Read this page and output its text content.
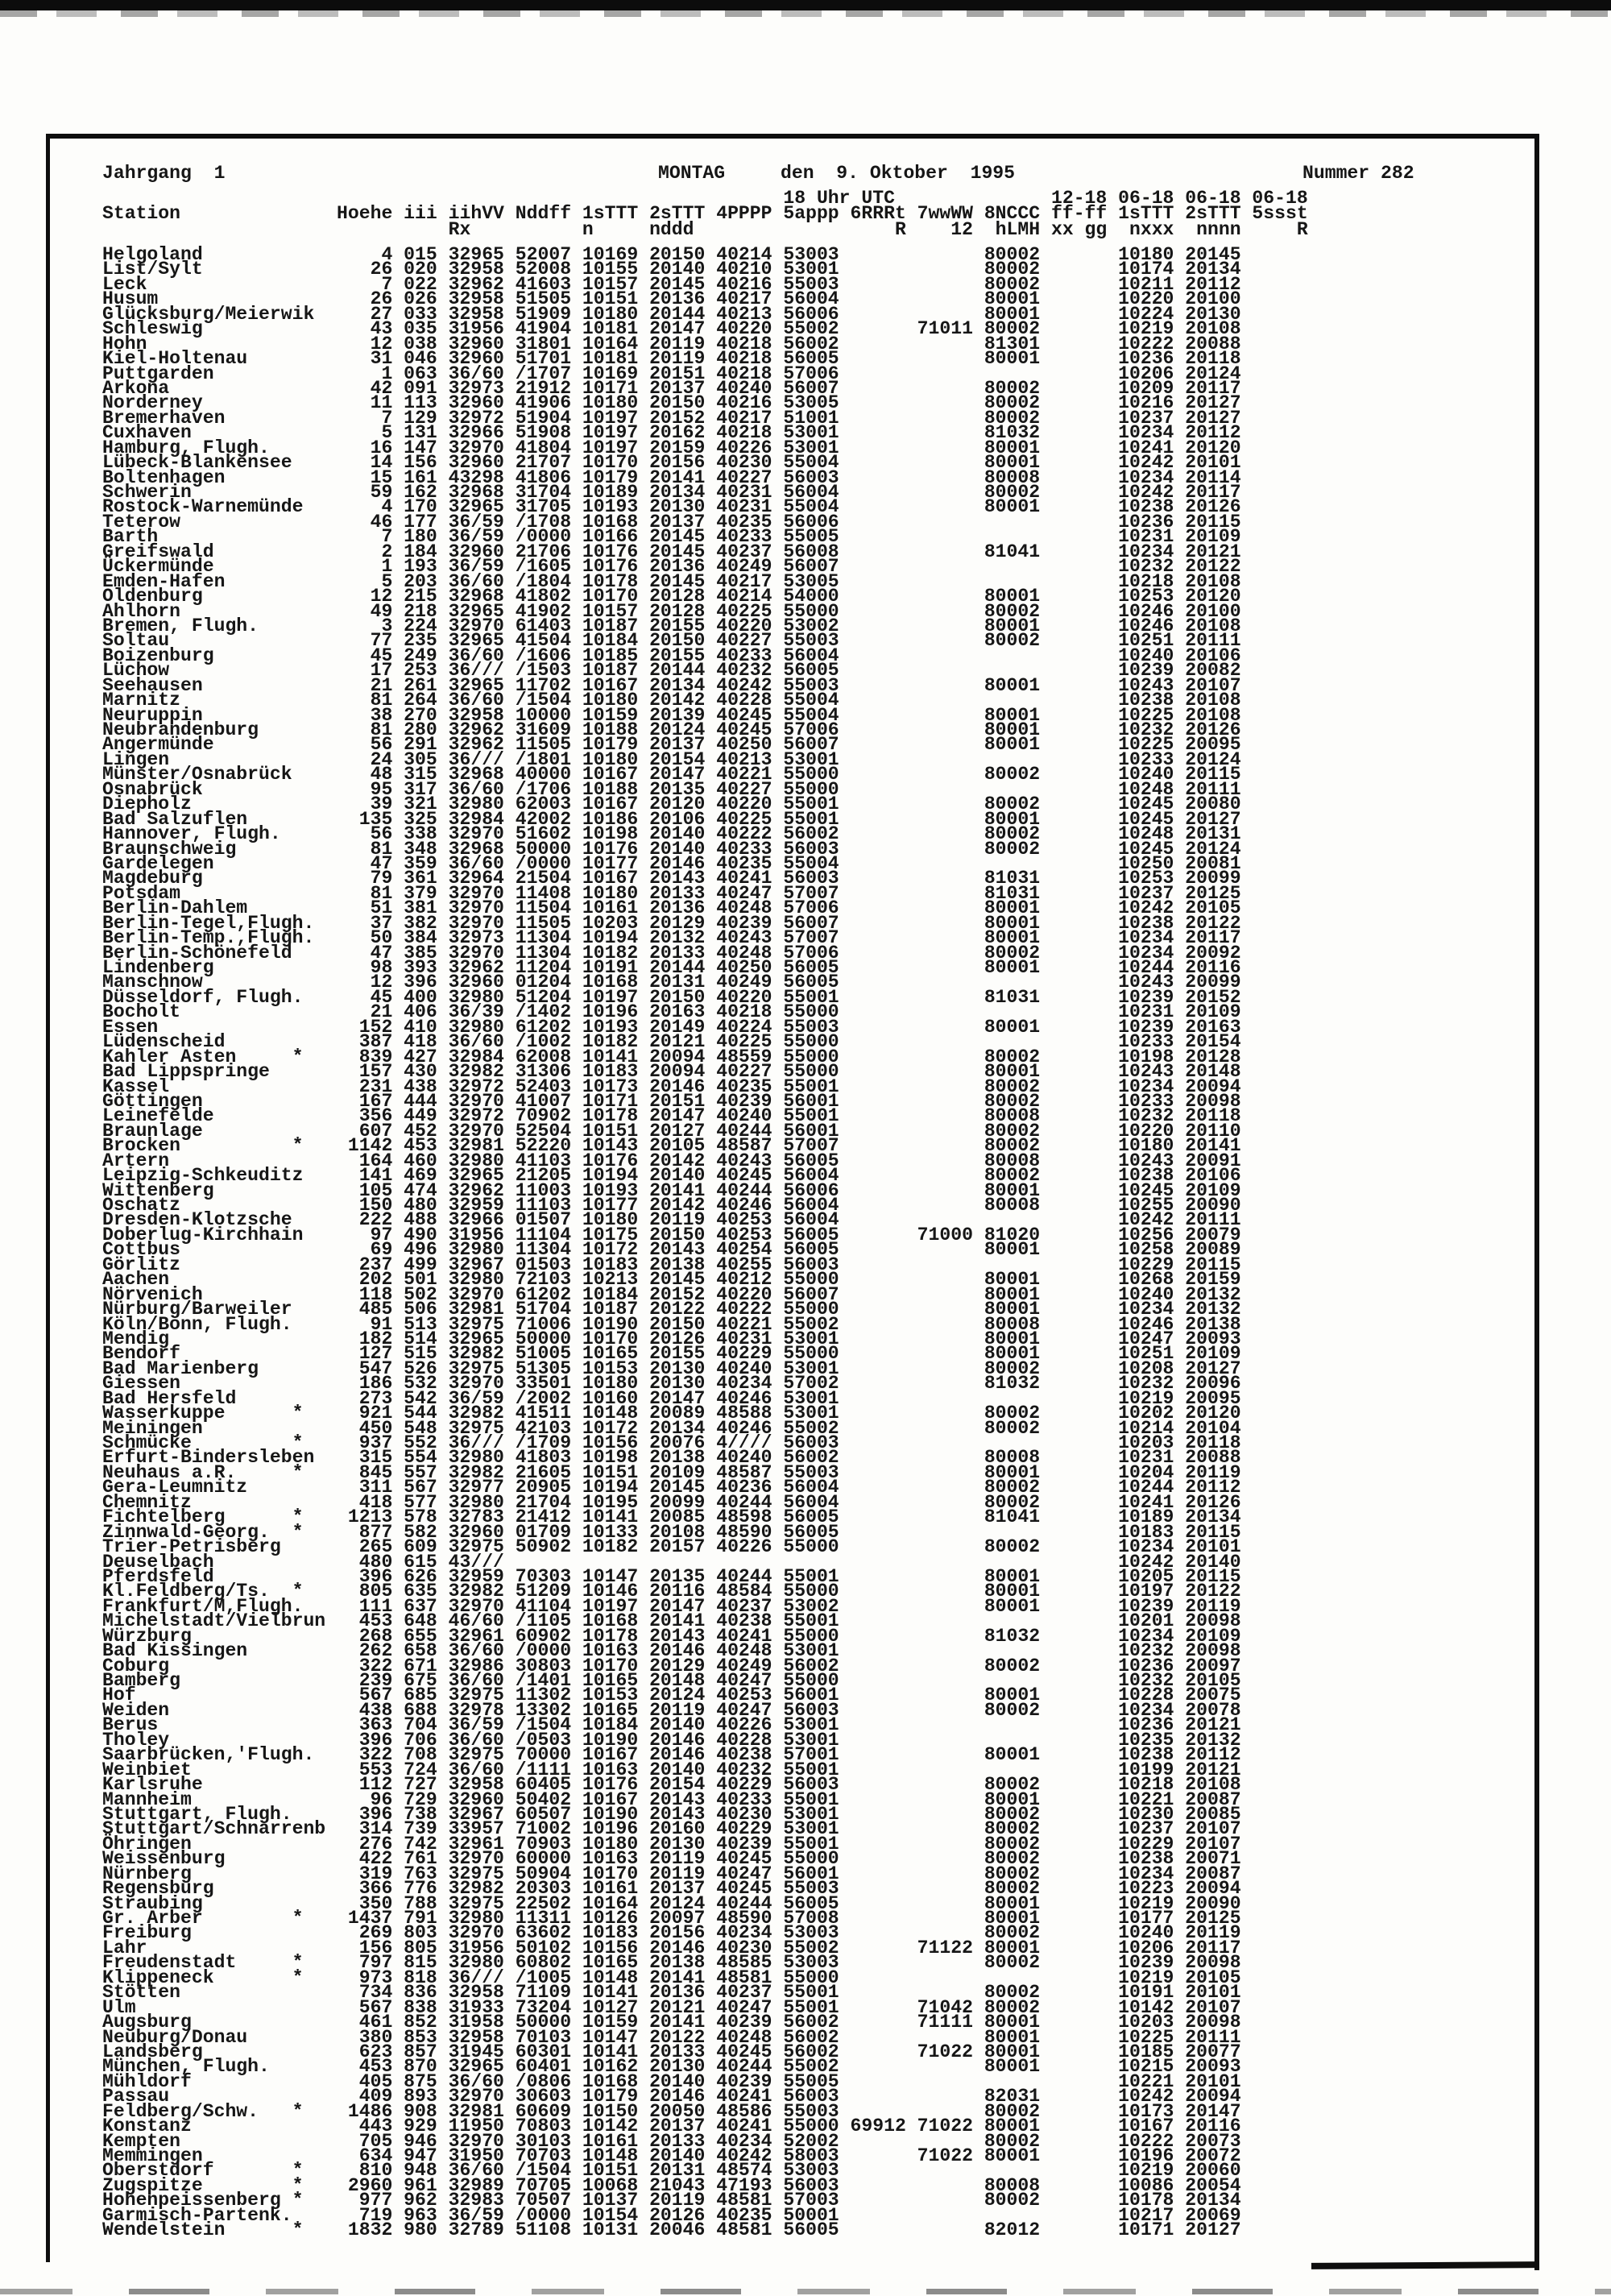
Jahrgang  1	MONTAG	den  9. Oktober  1995	Nummer 282
18 Uhr UTC              12-18 06-18 06-18 06-18
Station              Hoehe iii iihVV Nddff 1sTTT 2sTTT 4PPPP 5appp 6RRRt 7wwWW 8NCCC ff-ff 1sTTT 2sTTT 5ssst
Rx          n     nddd                  R    12  hLMH xx gg  nxxx  nnnn     R
Helgoland                4 015 32965 52007 10169 20150 40214 53003             80002       10180 20145
List/Sylt               26 020 32958 52008 10155 20140 40210 53001             80002       10174 20134
Leck                     7 022 32962 41603 10157 20145 40216 55003             80002       10211 20112
Husum                   26 026 32958 51505 10151 20136 40217 56004             80001       10220 20100
Glücksburg/Meierwik     27 033 32958 51909 10180 20144 40213 56006             80001       10224 20130
Schleswig               43 035 31956 41904 10181 20147 40220 55002       71011 80002       10219 20108
Hohn                    12 038 32960 31801 10164 20119 40218 56002             81301       10222 20088
Kiel-Holtenau           31 046 32960 51701 10181 20119 40218 56005             80001       10236 20118
Puttgarden               1 063 36/60 /1707 10169 20151 40218 57006                         10206 20124
Arkona                  42 091 32973 21912 10171 20137 40240 56007             80002       10209 20117
Norderney               11 113 32960 41906 10180 20150 40216 53005             80002       10216 20127
Bremerhaven              7 129 32972 51904 10197 20152 40217 51001             80002       10237 20127
Cuxhaven                 5 131 32966 51908 10197 20162 40218 53001             81032       10234 20112
Hamburg, Flugh.         16 147 32970 41804 10197 20159 40226 53001             80001       10241 20120
Lübeck-Blankensee       14 156 32960 21707 10170 20156 40230 55004             80001       10242 20101
Boltenhagen             15 161 43298 41806 10179 20141 40227 56003             80008       10234 20114
Schwerin                59 162 32968 31704 10189 20134 40231 56004             80002       10242 20117
Rostock-Warnemünde       4 170 32965 31705 10193 20130 40231 55004             80001       10238 20126
Teterow                 46 177 36/59 /1708 10168 20137 40235 56006                         10236 20115
Barth                    7 180 36/59 /0000 10166 20145 40233 55005                         10231 20109
Greifswald               2 184 32960 21706 10176 20145 40237 56008             81041       10234 20121
Ückermünde               1 193 36/59 /1605 10176 20136 40249 56007                         10232 20122
Emden-Hafen              5 203 36/60 /1804 10178 20145 40217 53005                         10218 20108
Oldenburg               12 215 32968 41802 10170 20128 40214 54000             80001       10253 20120
Ahlhorn                 49 218 32965 41902 10157 20128 40225 55000             80002       10246 20100
Bremen, Flugh.           3 224 32970 61403 10187 20155 40220 53002             80001       10246 20108
Soltau                  77 235 32965 41504 10184 20150 40227 55003             80002       10251 20111
Boizenburg              45 249 36/60 /1606 10185 20155 40233 56004                         10240 20106
Lüchow                  17 253 36/// /1503 10187 20144 40232 56005                         10239 20082
Seehausen               21 261 32965 11702 10167 20134 40242 55003             80001       10243 20107
Marnitz                 81 264 36/60 /1504 10180 20142 40228 55004                         10238 20108
Neuruppin               38 270 32958 10000 10159 20139 40245 55004             80001       10225 20108
Neubrandenburg          81 280 32962 31609 10188 20124 40245 57006             80001       10232 20126
Angermünde              56 291 32962 11505 10179 20137 40250 56007             80001       10225 20095
Lingen                  24 305 36/// /1801 10180 20154 40213 53001                         10233 20124
Münster/Osnabrück       48 315 32968 40000 10167 20147 40221 55000             80002       10240 20115
Osnabrück               95 317 36/60 /1706 10188 20135 40227 55000                         10248 20111
Diepholz                39 321 32980 62003 10167 20120 40220 55001             80002       10245 20080
Bad Salzuflen          135 325 32984 42002 10186 20106 40225 55001             80001       10245 20127
Hannover, Flugh.        56 338 32970 51602 10198 20140 40222 56002             80002       10248 20131
Braunschweig            81 348 32968 50000 10176 20140 40233 56003             80002       10245 20124
Gardelegen              47 359 36/60 /0000 10177 20146 40235 55004                         10250 20081
Magdeburg               79 361 32964 21504 10167 20143 40241 56003             81031       10253 20099
Potsdam                 81 379 32970 11408 10180 20133 40247 57007             81031       10237 20125
Berlin-Dahlem           51 381 32970 11504 10161 20136 40248 57006             80001       10242 20105
Berlin-Tegel,Flugh.     37 382 32970 11505 10203 20129 40239 56007             80001       10238 20122
Berlin-Temp.,Flugh.     50 384 32973 11304 10194 20132 40243 57007             80001       10234 20117
Berlin-Schönefeld       47 385 32970 11304 10182 20133 40248 57006             80002       10234 20092
Lindenberg              98 393 32962 11204 10191 20144 40250 56005             80001       10244 20116
Manschnow               12 396 32960 01204 10168 20131 40249 56005                         10243 20099
Düsseldorf, Flugh.      45 400 32980 51204 10197 20150 40220 55001             81031       10239 20152
Bocholt                 21 406 36/39 /1402 10196 20163 40218 55000                         10231 20109
Essen                  152 410 32980 61202 10193 20149 40224 55003             80001       10239 20163
Lüdenscheid            387 418 36/60 /1002 10182 20121 40225 55000                         10233 20154
Kahler Asten     *     839 427 32984 62008 10141 20094 48559 55000             80002       10198 20128
Bad Lippspringe        157 430 32982 31306 10183 20094 40227 55000             80001       10243 20148
Kassel                 231 438 32972 52403 10173 20146 40235 55001             80002       10234 20094
Göttingen              167 444 32970 41007 10171 20151 40239 56001             80002       10233 20098
Leinefelde             356 449 32972 70902 10178 20147 40240 55001             80008       10232 20118
Braunlage              607 452 32970 52504 10151 20127 40244 56001             80002       10220 20110
Brocken          *    1142 453 32981 52220 10143 20105 48587 57007             80002       10180 20141
Artern                 164 460 32980 41103 10176 20142 40243 56005             80008       10243 20091
Leipzig-Schkeuditz     141 469 32965 21205 10194 20140 40245 56004             80002       10238 20106
Wittenberg             105 474 32962 11003 10193 20141 40244 56006             80001       10245 20109
Oschatz                150 480 32959 11103 10177 20142 40246 56004             80008       10255 20090
Dresden-Klotzsche      222 488 32966 01507 10180 20119 40253 56004                         10242 20111
Doberlug-Kirchhain      97 490 31956 11104 10175 20150 40253 56005       71000 81020       10256 20079
Cottbus                 69 496 32980 11304 10172 20143 40254 56005             80001       10258 20089
Görlitz                237 499 32967 01503 10183 20138 40255 56003                         10229 20115
Aachen                 202 501 32980 72103 10213 20145 40212 55000             80001       10268 20159
Nörvenich              118 502 32970 61202 10184 20152 40220 56007             80001       10240 20132
Nürburg/Barweiler      485 506 32981 51704 10187 20122 40222 55000             80001       10234 20132
Köln/Bonn, Flugh.       91 513 32975 71006 10190 20150 40221 55002             80008       10246 20138
Mendig                 182 514 32965 50000 10170 20126 40231 53001             80001       10247 20093
Bendorf                127 515 32982 51005 10165 20155 40229 55000             80001       10251 20109
Bad Marienberg         547 526 32975 51305 10153 20130 40240 53001             80002       10208 20127
Giessen                186 532 32970 33501 10180 20130 40234 57002             81032       10232 20096
Bad Hersfeld           273 542 36/59 /2002 10160 20147 40246 53001                         10219 20095
Wasserkuppe      *     921 544 32982 41511 10148 20089 48588 53001             80002       10202 20120
Meiningen              450 548 32975 42103 10172 20134 40246 55002             80002       10214 20104
Schmücke         *     937 552 36/// /1709 10156 20076 4//// 56003                         10203 20118
Erfurt-Bindersleben    315 554 32980 41803 10198 20138 40240 56002             80008       10231 20088
Neuhaus a.R.     *     845 557 32982 21605 10151 20109 48587 55003             80001       10204 20119
Gera-Leumnitz          311 567 32977 20905 10194 20145 40236 56004             80002       10244 20112
Chemnitz               418 577 32980 21704 10195 20099 40244 56004             80002       10241 20126
Fichtelberg      *    1213 578 32783 21412 10141 20085 48598 56005             81041       10189 20134
Zinnwald-Georg.  *     877 582 32960 01709 10133 20108 48590 56005                         10183 20115
Trier-Petrisberg       265 609 32975 50902 10182 20157 40226 55000             80002       10234 20101
Deuselbach             480 615 43///                                                       10242 20140
Pferdsfeld             396 626 32959 70303 10147 20135 40244 55001             80001       10205 20115
Kl.Feldberg/Ts.  *     805 635 32982 51209 10146 20116 48584 55000             80001       10197 20122
Frankfurt/M,Flugh.     111 637 32970 41104 10197 20147 40237 53002             80001       10239 20119
Michelstadt/Vielbrun   453 648 46/60 /1105 10168 20141 40238 55001                         10201 20098
Würzburg               268 655 32961 60902 10178 20143 40241 55000             81032       10234 20109
Bad Kissingen          262 658 36/60 /0000 10163 20146 40248 53001                         10232 20098
Coburg                 322 671 32986 30803 10170 20129 40249 56002             80002       10236 20097
Bamberg                239 675 36/60 /1401 10165 20148 40247 55000                         10232 20105
Hof                    567 685 32975 11302 10153 20124 40253 56001             80001       10228 20075
Weiden                 438 688 32978 13302 10165 20119 40247 56003             80002       10234 20078
Berus                  363 704 36/59 /1504 10184 20140 40226 53001                         10236 20121
Tholey                 396 706 36/60 /0503 10190 20146 40228 53001                         10235 20132
Saarbrücken,'Flugh.    322 708 32975 70000 10167 20146 40238 57001             80001       10238 20112
Weinbiet               553 724 36/60 /1111 10163 20140 40232 55001                         10199 20121
Karlsruhe              112 727 32958 60405 10176 20154 40229 56003             80002       10218 20108
Mannheim                96 729 32960 50402 10167 20143 40233 55001             80001       10221 20087
Stuttgart, Flugh.      396 738 32967 60507 10190 20143 40230 53001             80002       10230 20085
Stuttgart/Schnarrenb   314 739 33957 71002 10196 20160 40229 53001             80002       10237 20107
Öhringen               276 742 32961 70903 10180 20130 40239 55001             80002       10229 20107
Weissenburg            422 761 32970 60000 10163 20119 40245 55000             80002       10238 20071
Nürnberg               319 763 32975 50904 10170 20119 40247 56001             80002       10234 20087
Regensburg             366 776 32982 20303 10161 20137 40245 55003             80002       10223 20094
Straubing              350 788 32975 22502 10164 20124 40244 56005             80001       10219 20090
Gr. Arber        *    1437 791 32980 11311 10126 20097 48590 57008             80001       10177 20125
Freiburg               269 803 32970 63602 10183 20156 40234 53003             80002       10240 20119
Lahr                   156 805 31956 50102 10156 20146 40230 55002       71122 80001       10206 20117
Freudenstadt     *     797 815 32980 60802 10165 20138 48585 53003             80002       10239 20098
Klippeneck       *     973 818 36/// /1005 10148 20141 48581 55000                         10219 20105
Stötten                734 836 32958 71109 10141 20136 40237 55001             80002       10191 20101
Ulm                    567 838 31933 73204 10127 20121 40247 55001       71042 80002       10142 20107
Augsburg               461 852 31958 50000 10159 20141 40239 56002       71111 80001       10203 20098
Neuburg/Donau          380 853 32958 70103 10147 20122 40248 56002             80001       10225 20111
Landsberg              623 857 31945 60301 10141 20133 40245 56002       71022 80001       10185 20077
München, Flugh.        453 870 32965 60401 10162 20130 40244 55002             80001       10215 20093
Mühldorf               405 875 36/60 /0806 10168 20140 40239 55005                         10221 20101
Passau                 409 893 32970 30603 10179 20146 40241 56003             82031       10242 20094
Feldberg/Schw.   *    1486 908 32981 60609 10150 20050 48586 55003             80002       10173 20147
Konstanz               443 929 11950 70803 10142 20137 40241 55000 69912 71022 80001       10167 20116
Kempten                705 946 32970 30103 10161 20133 40234 52002             80002       10222 20073
Memmingen              634 947 31950 70703 10148 20140 40242 58003       71022 80001       10196 20072
Oberstdorf       *     810 948 36/60 /1504 10151 20131 48574 53003                         10219 20060
Zugspitze        *    2960 961 32989 70705 10068 21043 47193 56003             80008       10086 20054
Hohenpeissenberg *     977 962 32983 70507 10137 20119 48581 57003             80002       10178 20134
Garmisch-Partenk.      719 963 36/59 /0000 10154 20126 40235 50001                         10217 20069
Wendelstein      *    1832 980 32789 51108 10131 20046 48581 56005             82012       10171 20127
